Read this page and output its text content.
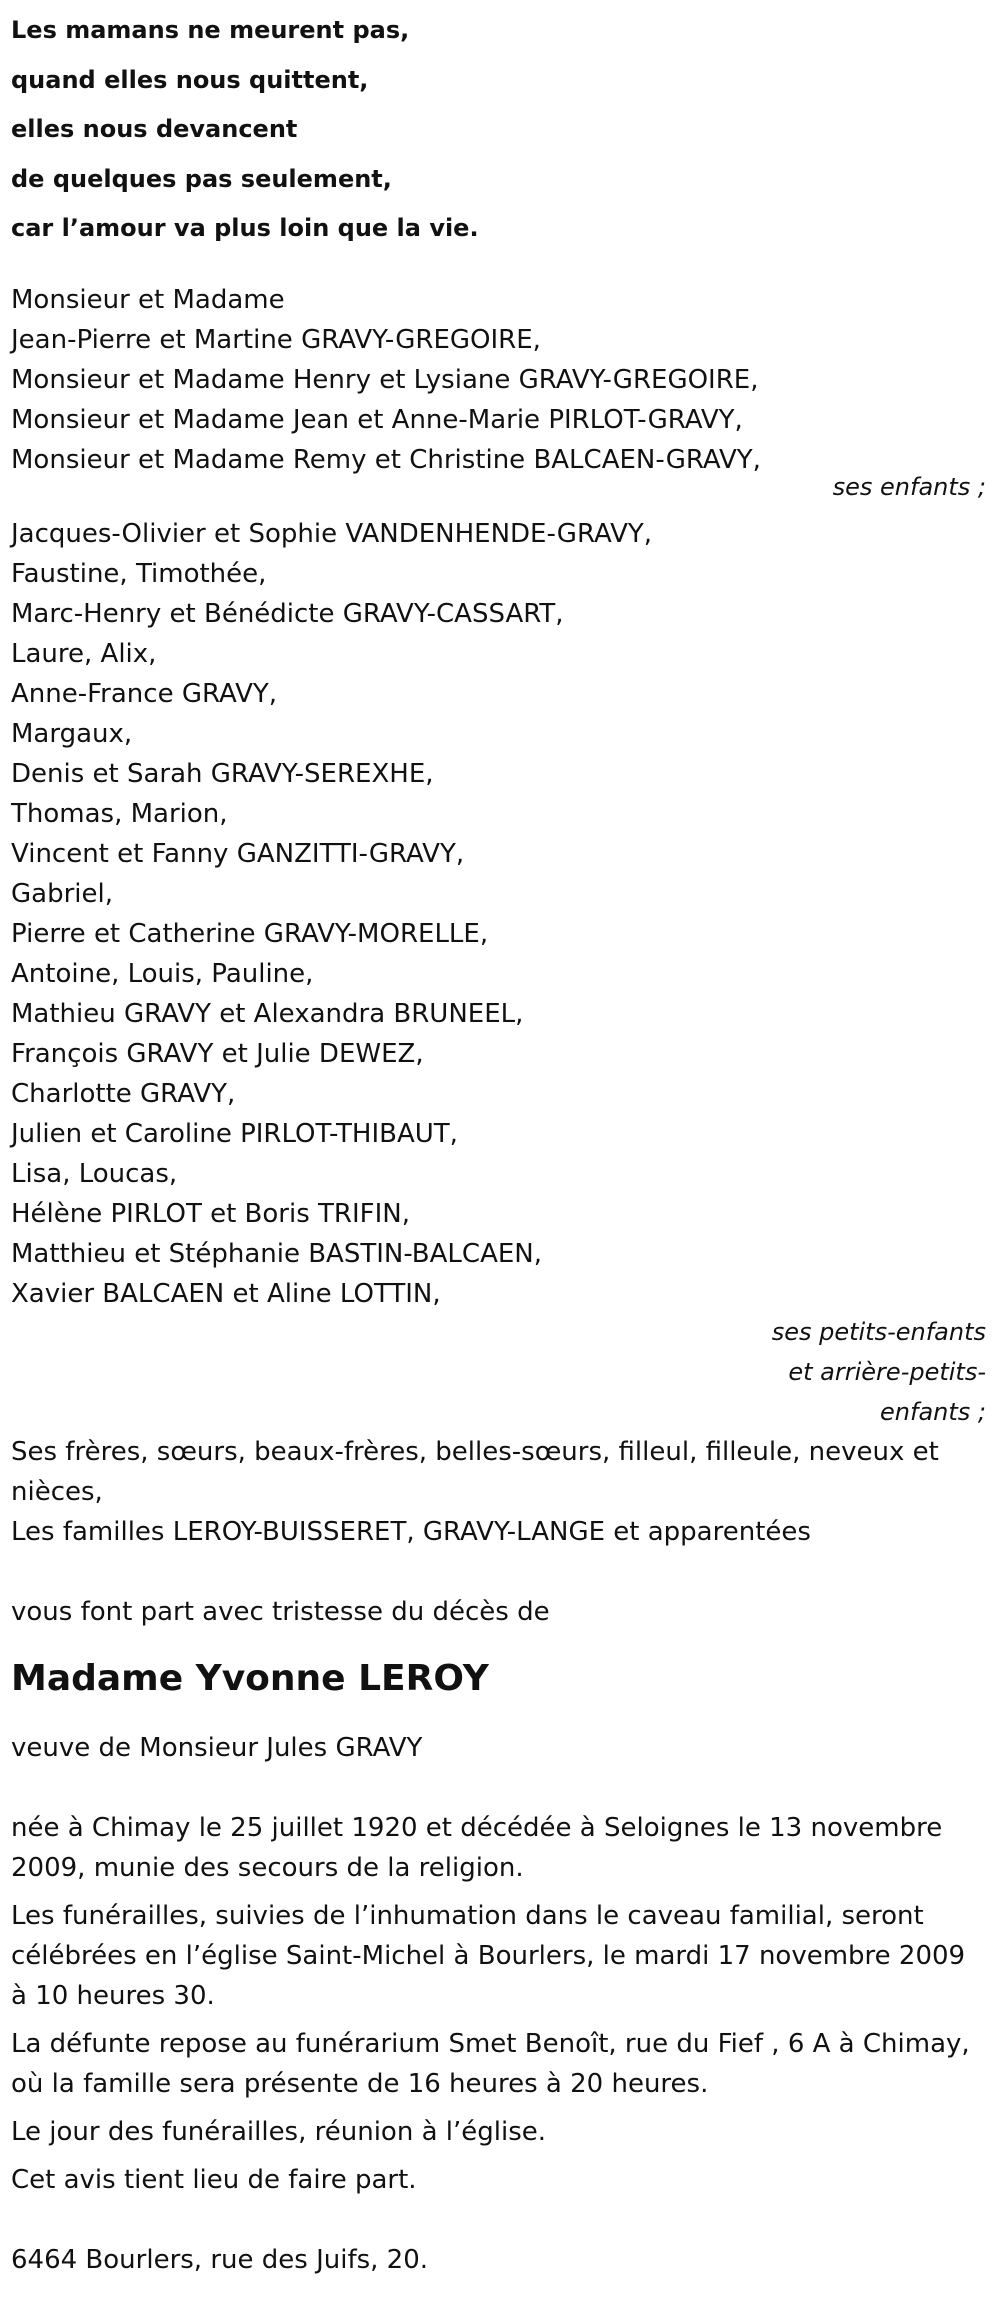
Les mamans ne meurent pas,

quand elles nous quittent,

elles nous devancent

de quelques pas seulement,

car l’amour va plus loin que la vie.

Monsieur et Madame

Jean-Pierre et Martine GRAVY-GREGOIRE,

Monsieur et Madame Henry et Lysiane GRAVY-GREGOIRE,

Monsieur et Madame Jean et Anne-Marie PIRLOT-GRAVY,

Monsieur et Madame Remy et Christine BALCAEN-GRAVY,

ses enfants ;

Jacques-Olivier et Sophie VANDENHENDE-GRAVY,

Faustine, Timothée,

Marc-Henry et Bénédicte GRAVY-CASSART,

Laure, Alix,

Anne-France GRAVY,

Margaux,

Denis et Sarah GRAVY-SEREXHE,

Thomas, Marion,

Vincent et Fanny GANZITTI-GRAVY,

Gabriel,

Pierre et Catherine GRAVY-MORELLE,

Antoine, Louis, Pauline,

Mathieu GRAVY et Alexandra BRUNEEL,

François GRAVY et Julie DEWEZ,

Charlotte GRAVY,

Julien et Caroline PIRLOT-THIBAUT,

Lisa, Loucas,

Hélène PIRLOT et Boris TRIFIN,

Matthieu et Stéphanie BASTIN-BALCAEN,

Xavier BALCAEN et Aline LOTTIN,

ses petits-enfants

et arrière-petits-

enfants ;

Ses frères, sœurs, beaux-frères, belles-sœurs, filleul, filleule, neveux et nièces,

Les familles LEROY-BUISSERET, GRAVY-LANGE et apparentées

vous font part avec tristesse du décès de

Madame Yvonne LEROY

veuve de Monsieur Jules GRAVY

née à Chimay le 25 juillet 1920 et décédée à Seloignes le 13 novembre 2009, munie des secours de la religion.

Les funérailles, suivies de l’inhumation dans le caveau familial, seront célébrées en l’église Saint-Michel à Bourlers, le mardi 17 novembre 2009 à 10 heures 30.

La défunte repose au funérarium Smet Benoît, rue du Fief , 6 A à Chimay, où la famille sera présente de 16 heures à 20 heures.

Le jour des funérailles, réunion à l’église.

Cet avis tient lieu de faire part.

6464 Bourlers, rue des Juifs, 20.
